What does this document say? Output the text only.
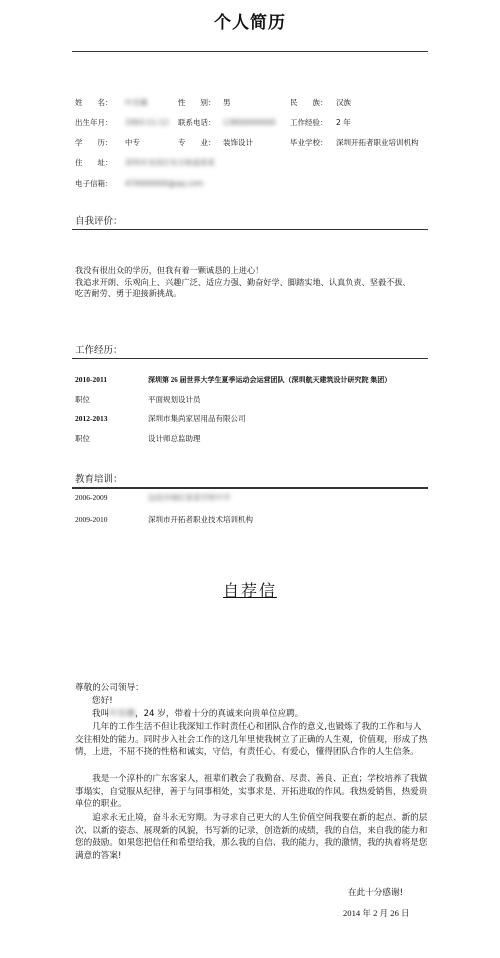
个人简历
姓　　名： 叶佳璐	性　　别： 男	民　　族： 汉族
出生年月： 1993-11-12 联系电话： 13800000000 工作经验： 2 年
学　　历： 中专	专　　业： 装饰设计	毕业学校： 深圳开拓者职业培训机构
住　　址： 深圳市龙岗区布吉街道某某
电子信箱： 470000000@qq.com
自我评价：
我没有很出众的学历，但我有着一颗诚恳的上进心！
我追求开朗、乐观向上、兴趣广泛、适应力强、勤奋好学、脚踏实地、认真负责、坚毅不拔、
吃苦耐劳、勇于迎接新挑战。
工作经历：
2010-2011	深圳第 26 届世界大学生夏季运动会运营团队（深圳航天建筑设计研究院 集团）
职位	平面规划设计员
2012-2013	深圳市集尚家居用品有限公司
职位	设计师总监助理
教育培训：
2006-2009	汕尾市城区某某学校中学
2009-2010	深圳市开拓者职业技术培训机构
自荐信
尊敬的公司领导：
您好!
我叫叶佳璐，24 岁，带着十分的真诚来向贵单位应聘。
几年的工作生活不但让我深知工作时责任心和团队合作的意义,也锻炼了我的工作和与人交往相处的能力。同时步入社会工作的这几年里使我树立了正确的人生观，价值观，形成了热情，上进，不屈不挠的性格和诚实，守信，有责任心，有爱心，懂得团队合作的人生信条。
我是一个淳朴的广东客家人，祖辈们教会了我勤奋、尽责、善良、正直；学校培养了我做事塌实，自觉服从纪律，善于与同事相处，实事求是、开拓进取的作风。我热爱销售，热爱贵单位的职业。
追求永无止境，奋斗永无穷期。为寻求自己更大的人生价值空间我要在新的起点、新的层次、以新的姿态、展现新的风貌，书写新的记录，创造新的成绩，我的自信，来自我的能力和您的鼓励。如果您把信任和希望给我，那么我的自信、我的能力，我的激情，我的执着将是您满意的答案!
在此十分感谢!
2014 年 2 月 26 日
